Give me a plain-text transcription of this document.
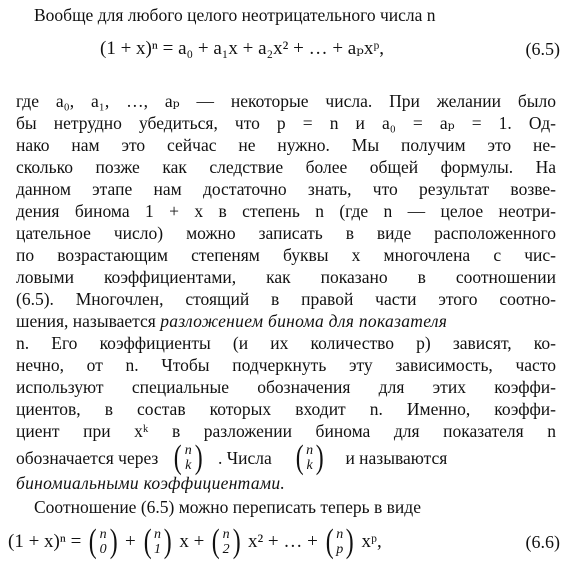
Вообще для любого целого неотрицательного числа n
(1 + x)ⁿ = a₀ + a₁x + a₂x² + … + aₚxᵖ,	(6.5)
где a₀, a₁, …, aₚ — некоторые числа. При желании было
бы нетрудно убедиться, что p = n и a₀ = aₚ = 1. Од-
нако нам это сейчас не нужно. Мы получим это не-
сколько позже как следствие более общей формулы. На
данном этапе нам достаточно знать, что результат возве-
дения бинома 1 + x в степень n (где n — целое неотри-
цательное число) можно записать в виде расположенного
по возрастающим степеням буквы x многочлена с чис-
ловыми коэффициентами, как показано в соотношении
(6.5). Многочлен, стоящий в правой части этого соотно-
шения, называется разложением бинома для показателя
n. Его коэффициенты (и их количество p) зависят, ко-
нечно, от n. Чтобы подчеркнуть эту зависимость, часто
используют специальные обозначения для этих коэффи-
циентов, в состав которых входит n. Именно, коэффи-
циент при xᵏ в разложении бинома для показателя n
обозначается через ( n
k ) . Числа ( n
k ) и называются
биномиальными коэффициентами.
Соотношение (6.5) можно переписать теперь в виде
(1 + x)ⁿ = ( n
0 ) + ( n
1 ) x + ( n
2 ) x² + … + ( n
p ) xᵖ,	(6.6)
